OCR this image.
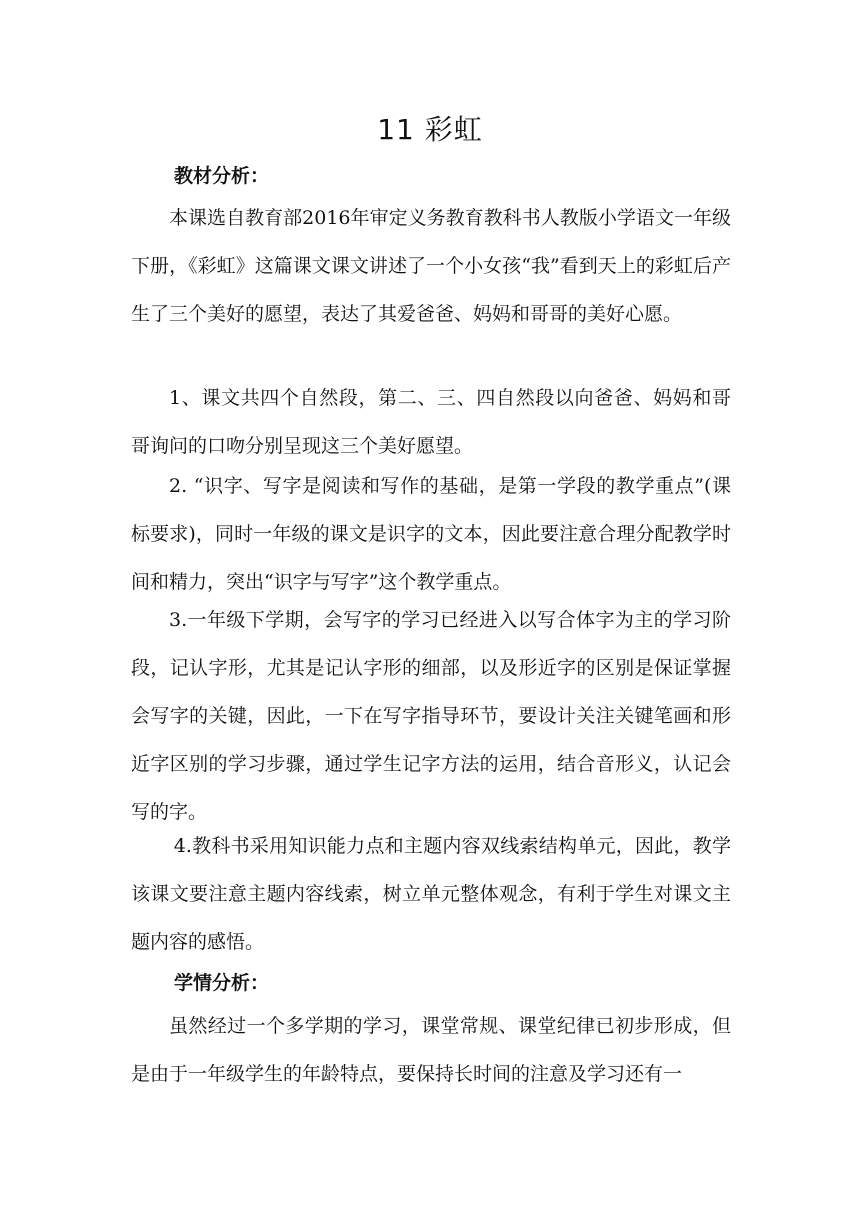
11 彩虹
教材分析：
本课选自教育部2016年审定义务教育教科书人教版小学语文一年级下册，《彩虹》这篇课文课文讲述了一个小女孩“我”看到天上的彩虹后产生了三个美好的愿望，表达了其爱爸爸、妈妈和哥哥的美好心愿。
1、课文共四个自然段，第二、三、四自然段以向爸爸、妈妈和哥哥询问的口吻分别呈现这三个美好愿望。
2. “识字、写字是阅读和写作的基础，是第一学段的教学重点”(课标要求)，同时一年级的课文是识字的文本，因此要注意合理分配教学时间和精力，突出“识字与写字”这个教学重点。
3.一年级下学期，会写字的学习已经进入以写合体字为主的学习阶段，记认字形，尤其是记认字形的细部，以及形近字的区别是保证掌握会写字的关键，因此，一下在写字指导环节，要设计关注关键笔画和形近字区别的学习步骤，通过学生记字方法的运用，结合音形义，认记会写的字。
4.教科书采用知识能力点和主题内容双线索结构单元，因此，教学该课文要注意主题内容线索，树立单元整体观念，有利于学生对课文主题内容的感悟。
学情分析：
虽然经过一个多学期的学习，课堂常规、课堂纪律已初步形成，但是由于一年级学生的年龄特点，要保持长时间的注意及学习还有一
